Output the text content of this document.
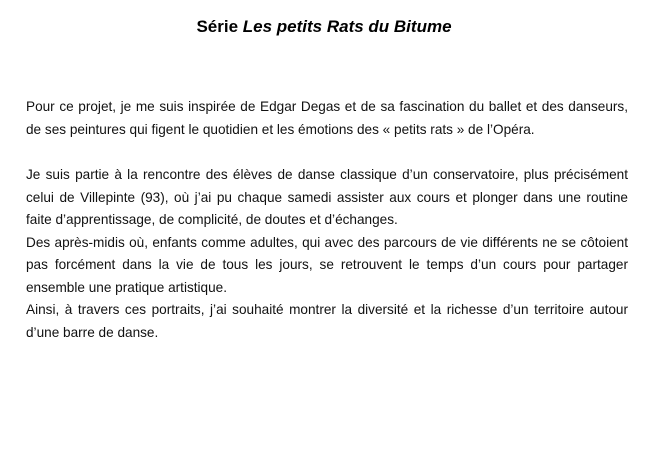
Série Les petits Rats du Bitume

Pour ce projet, je me suis inspirée de Edgar Degas et de sa fascination du ballet et des danseurs, de ses peintures qui figent le quotidien et les émotions des « petits rats » de l’Opéra.

Je suis partie à la rencontre des élèves de danse classique d’un conservatoire, plus précisément celui de Villepinte (93), où j’ai pu chaque samedi assister aux cours et plonger dans une routine faite d’apprentissage, de complicité, de doutes et d’échanges.

Des après-midis où, enfants comme adultes, qui avec des parcours de vie différents ne se côtoient pas forcément dans la vie de tous les jours, se retrouvent le temps d’un cours pour partager ensemble une pratique artistique.

Ainsi, à travers ces portraits, j’ai souhaité montrer la diversité et la richesse d’un territoire autour d’une barre de danse.
